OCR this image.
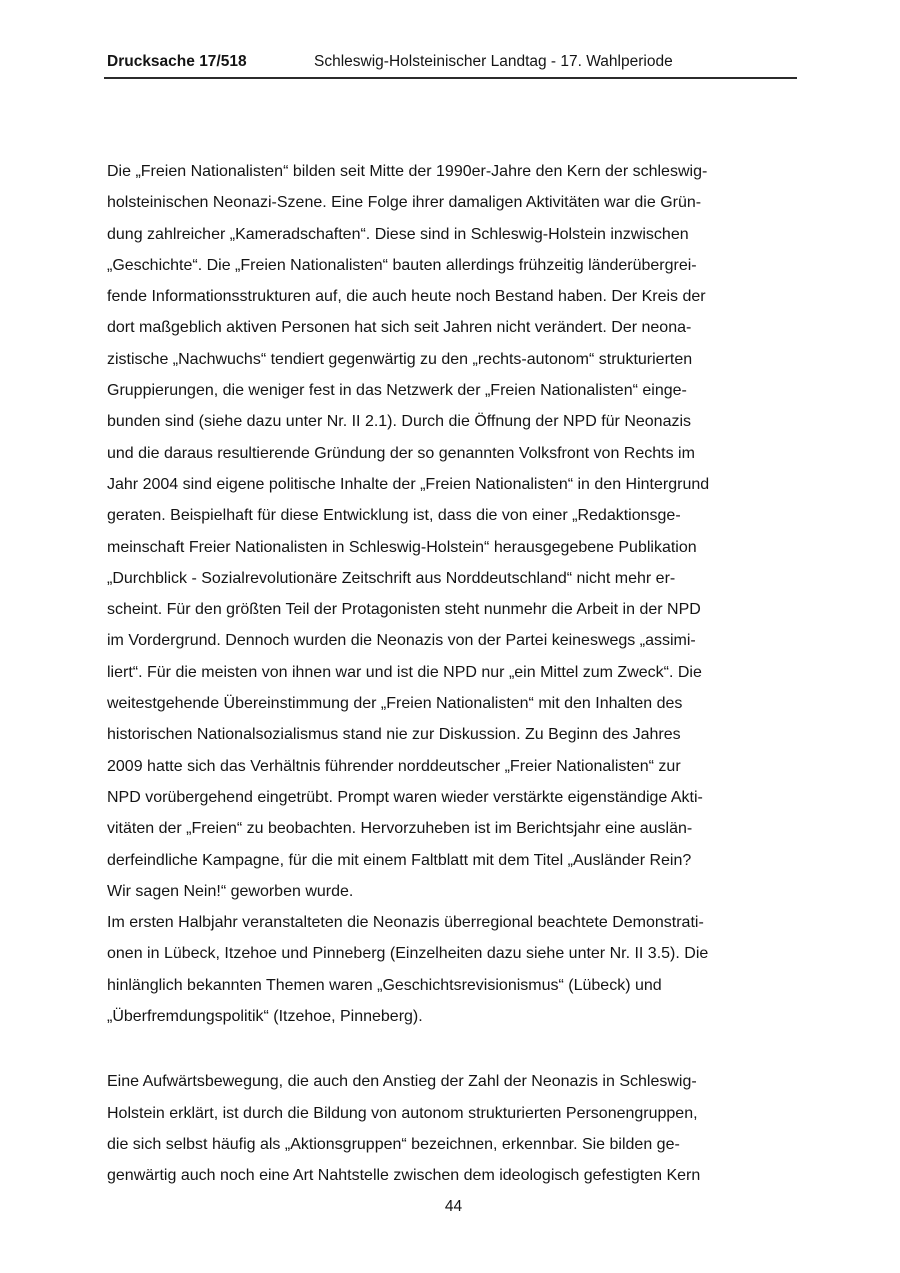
Drucksache 17/518	Schleswig-Holsteinischer Landtag - 17. Wahlperiode
Die „Freien Nationalisten“ bilden seit Mitte der 1990er-Jahre den Kern der schleswig-
holsteinischen Neonazi-Szene. Eine Folge ihrer damaligen Aktivitäten war die Grün-
dung zahlreicher „Kameradschaften“. Diese sind in Schleswig-Holstein inzwischen
„Geschichte“. Die „Freien Nationalisten“ bauten allerdings frühzeitig länderübergrei-
fende Informationsstrukturen auf, die auch heute noch Bestand haben. Der Kreis der
dort maßgeblich aktiven Personen hat sich seit Jahren nicht verändert. Der neona-
zistische „Nachwuchs“ tendiert gegenwärtig zu den „rechts-autonom“ strukturierten
Gruppierungen, die weniger fest in das Netzwerk der „Freien Nationalisten“ einge-
bunden sind (siehe dazu unter Nr. II 2.1). Durch die Öffnung der NPD für Neonazis
und die daraus resultierende Gründung der so genannten Volksfront von Rechts im
Jahr 2004 sind eigene politische Inhalte der „Freien Nationalisten“ in den Hintergrund
geraten. Beispielhaft für diese Entwicklung ist, dass die von einer „Redaktionsge-
meinschaft Freier Nationalisten in Schleswig-Holstein“ herausgegebene Publikation
„Durchblick - Sozialrevolutionäre Zeitschrift aus Norddeutschland“ nicht mehr er-
scheint. Für den größten Teil der Protagonisten steht nunmehr die Arbeit in der NPD
im Vordergrund. Dennoch wurden die Neonazis von der Partei keineswegs „assimi-
liert“. Für die meisten von ihnen war und ist die NPD nur „ein Mittel zum Zweck“. Die
weitestgehende Übereinstimmung der „Freien Nationalisten“ mit den Inhalten des
historischen Nationalsozialismus stand nie zur Diskussion. Zu Beginn des Jahres
2009 hatte sich das Verhältnis führender norddeutscher „Freier Nationalisten“ zur
NPD vorübergehend eingetrübt. Prompt waren wieder verstärkte eigenständige Akti-
vitäten der „Freien“ zu beobachten. Hervorzuheben ist im Berichtsjahr eine auslän-
derfeindliche Kampagne, für die mit einem Faltblatt mit dem Titel „Ausländer Rein?
Wir sagen Nein!“ geworben wurde.
Im ersten Halbjahr veranstalteten die Neonazis überregional beachtete Demonstrati-
onen in Lübeck, Itzehoe und Pinneberg (Einzelheiten dazu siehe unter Nr. II 3.5). Die
hinlänglich bekannten Themen waren „Geschichtsrevisionismus“ (Lübeck) und
„Überfremdungspolitik“ (Itzehoe, Pinneberg).
Eine Aufwärtsbewegung, die auch den Anstieg der Zahl der Neonazis in Schleswig-
Holstein erklärt, ist durch die Bildung von autonom strukturierten Personengruppen,
die sich selbst häufig als „Aktionsgruppen“ bezeichnen, erkennbar. Sie bilden ge-
genwärtig auch noch eine Art Nahtstelle zwischen dem ideologisch gefestigten Kern
44
